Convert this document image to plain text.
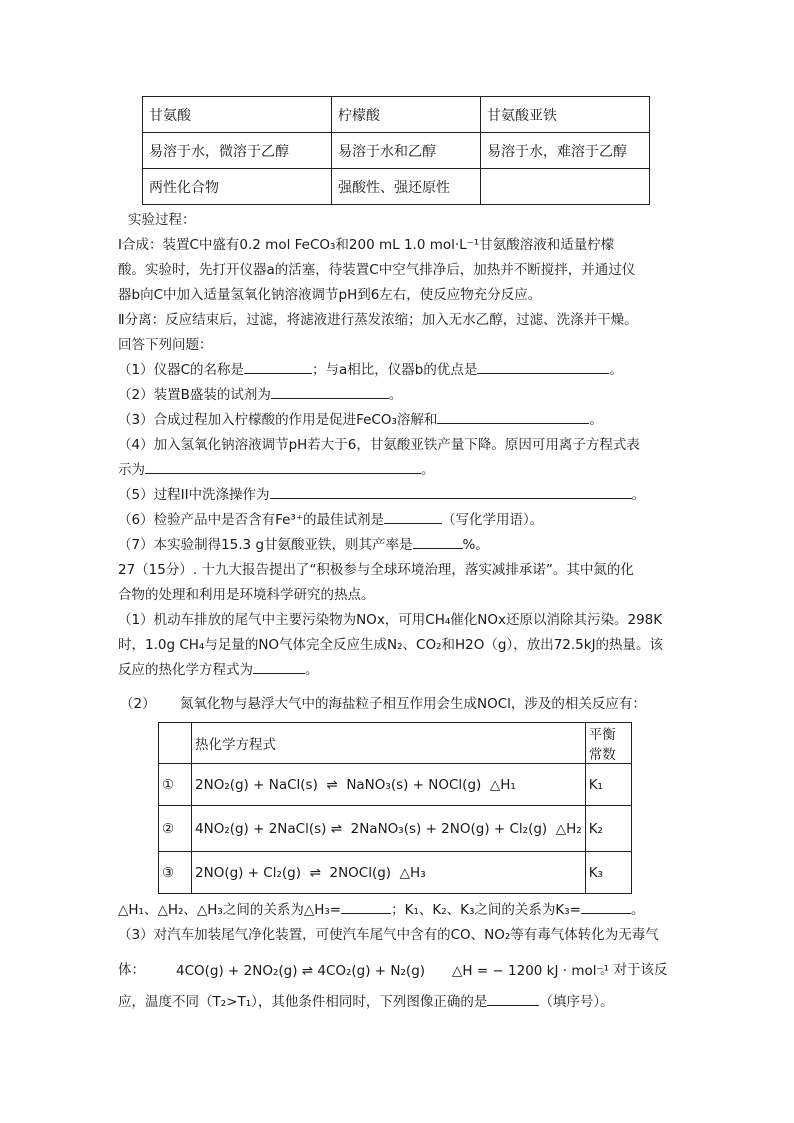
甘氨酸	柠檬酸	甘氨酸亚铁
易溶于水，微溶于乙醇	易溶于水和乙醇	易溶于水，难溶于乙醇
两性化合物	强酸性、强还原性	
实验过程：
Ⅰ合成：装置C中盛有0.2 mol FeCO₃和200 mL 1.0 mol·L⁻¹甘氨酸溶液和适量柠檬
酸。实验时，先打开仪器a的活塞，待装置C中空气排净后，加热并不断搅拌，并通过仪
器b向C中加入适量氢氧化钠溶液调节pH到6左右，使反应物充分反应。
Ⅱ分离：反应结束后，过滤，将滤液进行蒸发浓缩；加入无水乙醇，过滤、洗涤并干燥。
回答下列问题：
（1）仪器C的名称是	；与a相比，仪器b的优点是	。
（2）装置B盛装的试剂为	。
（3）合成过程加入柠檬酸的作用是促进FeCO₃溶解和	。
（4）加入氢氧化钠溶液调节pH若大于6，甘氨酸亚铁产量下降。原因可用离子方程式表
示为	。
（5）过程II中洗涤操作为	。
（6）检验产品中是否含有Fe³⁺的最佳试剂是	（写化学用语）。
（7）本实验制得15.3 g甘氨酸亚铁，则其产率是	%。
27（15分）. 十九大报告提出了“积极参与全球环境治理，落实减排承诺”。其中氮的化
合物的处理和利用是环境科学研究的热点。
（1）机动车排放的尾气中主要污染物为NOx，可用CH₄催化NOx还原以消除其污染。298K
时，1.0g CH₄与足量的NO气体完全反应生成N₂、CO₂和H2O（g），放出72.5kJ的热量。该
反应的热化学方程式为	。
（2） 氮氧化物与悬浮大气中的海盐粒子相互作用会生成NOCl，涉及的相关反应有：
	热化学方程式	平衡常数
①	2NO₂(g) + NaCl(s)  ⇌  NaNO₃(s) + NOCl(g)  △H₁	K₁
②	4NO₂(g) + 2NaCl(s) ⇌  2NaNO₃(s) + 2NO(g) + Cl₂(g)  △H₂	K₂
③	2NO(g) + Cl₂(g)  ⇌  2NOCl(g)  △H₃	K₃
△H₁、△H₂、△H₃之间的关系为△H₃=	；K₁、K₂、K₃之间的关系为K₃=	。
（3）对汽车加装尾气净化装置，可使汽车尾气中含有的CO、NO₂等有毒气体转化为无毒气
体： 4CO(g) + 2NO₂(g) ⇌ 4CO₂(g) + N₂(g) △H = − 1200 kJ · mol⁻¹
。对于该反
应，温度不同（T₂>T₁），其他条件相同时，下列图像正确的是	（填序号）。
